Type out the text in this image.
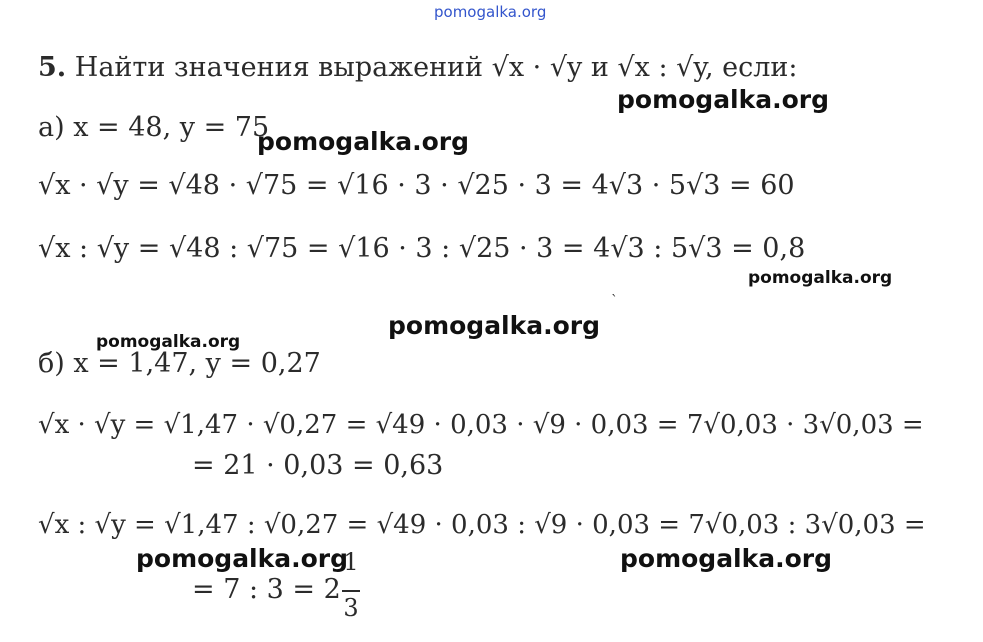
pomogalka.org
5. Найти значения выражений √x · √y и √x : √y, если:
pomogalka.org
а) x = 48, y = 75
pomogalka.org
√x · √y = √48 · √75 = √16 · 3 · √25 · 3 = 4√3 · 5√3 = 60
√x : √y = √48 : √75 = √16 · 3 : √25 · 3 = 4√3 : 5√3 = 0,8
pomogalka.org
ˋ
pomogalka.org
pomogalka.org
б) x = 1,47, y = 0,27
√x · √y = √1,47 · √0,27 = √49 · 0,03 · √9 · 0,03 = 7√0,03 · 3√0,03 =
= 21 · 0,03 = 0,63
√x : √y = √1,47 : √0,27 = √49 · 0,03 : √9 · 0,03 = 7√0,03 : 3√0,03 =
pomogalka.org	pomogalka.org
= 7 : 3 = 2
1
3
